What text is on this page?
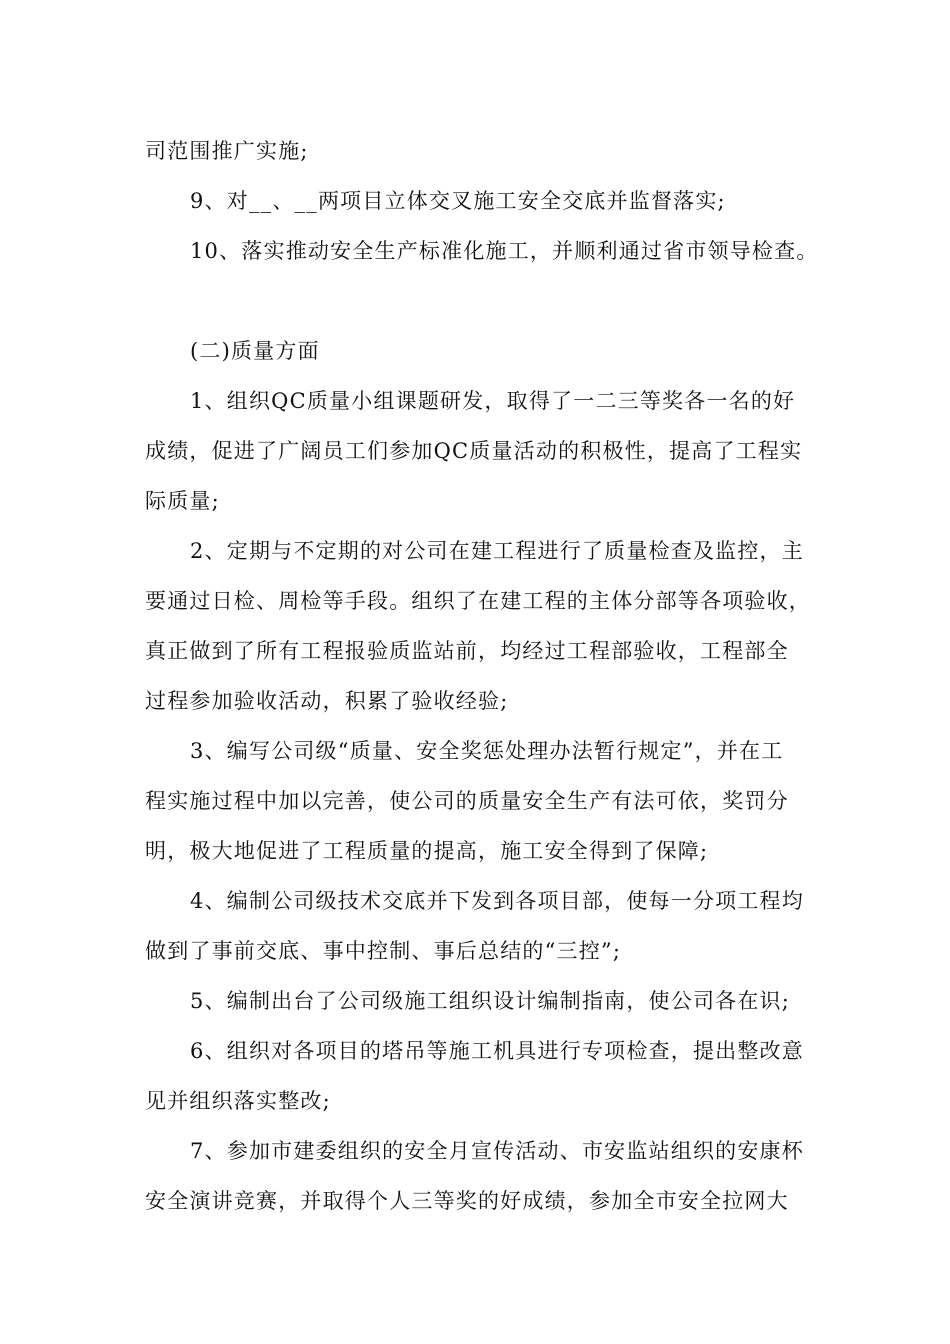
司范围推广实施;
9、对__、__两项目立体交叉施工安全交底并监督落实;
10、落实推动安全生产标准化施工，并顺利通过省市领导检查。
(二)质量方面
1、组织QC质量小组课题研发，取得了一二三等奖各一名的好
成绩，促进了广阔员工们参加QC质量活动的积极性，提高了工程实
际质量;
2、定期与不定期的对公司在建工程进行了质量检查及监控，主
要通过日检、周检等手段。组织了在建工程的主体分部等各项验收，
真正做到了所有工程报验质监站前，均经过工程部验收，工程部全
过程参加验收活动，积累了验收经验;
3、编写公司级“质量、安全奖惩处理办法暂行规定”，并在工
程实施过程中加以完善，使公司的质量安全生产有法可依，奖罚分
明，极大地促进了工程质量的提高，施工安全得到了保障;
4、编制公司级技术交底并下发到各项目部，使每一分项工程均
做到了事前交底、事中控制、事后总结的“三控”;
5、编制出台了公司级施工组织设计编制指南，使公司各在识;
6、组织对各项目的塔吊等施工机具进行专项检查，提出整改意
见并组织落实整改;
7、参加市建委组织的安全月宣传活动、市安监站组织的安康杯
安全演讲竞赛，并取得个人三等奖的好成绩，参加全市安全拉网大
